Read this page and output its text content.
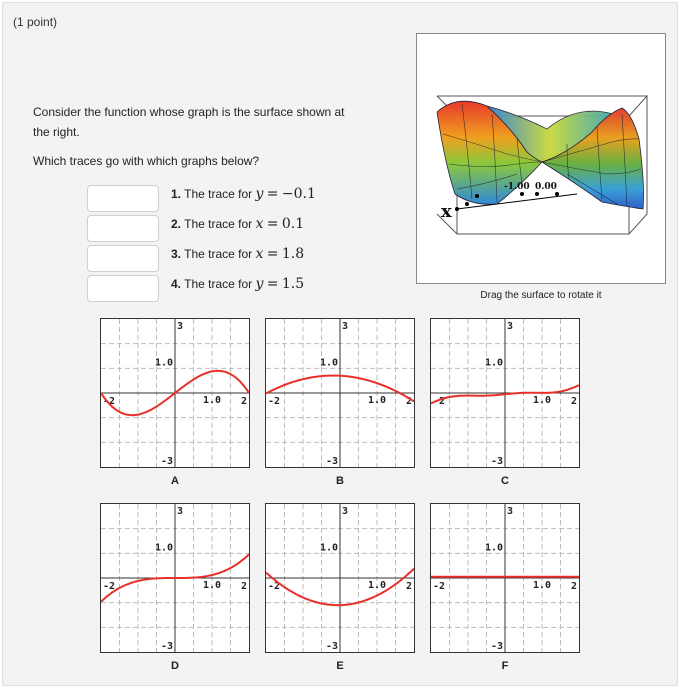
(1 point)
Consider the function whose graph is the surface shown at the right.
Which traces go with which graphs below?
1. The trace for y = −0.1
2. The trace for x = 0.1
3. The trace for x = 1.8
4. The trace for y = 1.5
x
-1.00 0.00
Drag the surface to rotate it
3
-3
-2	2
1.0
1.0
3
-3
-2	2
1.0
1.0
3
-3
-2	2
1.0
1.0
3
-3
-2	2
1.0
1.0
3
-3
-2	2
1.0
1.0
3
-3
-2	2
1.0
1.0
A	B	C
D	E	F
